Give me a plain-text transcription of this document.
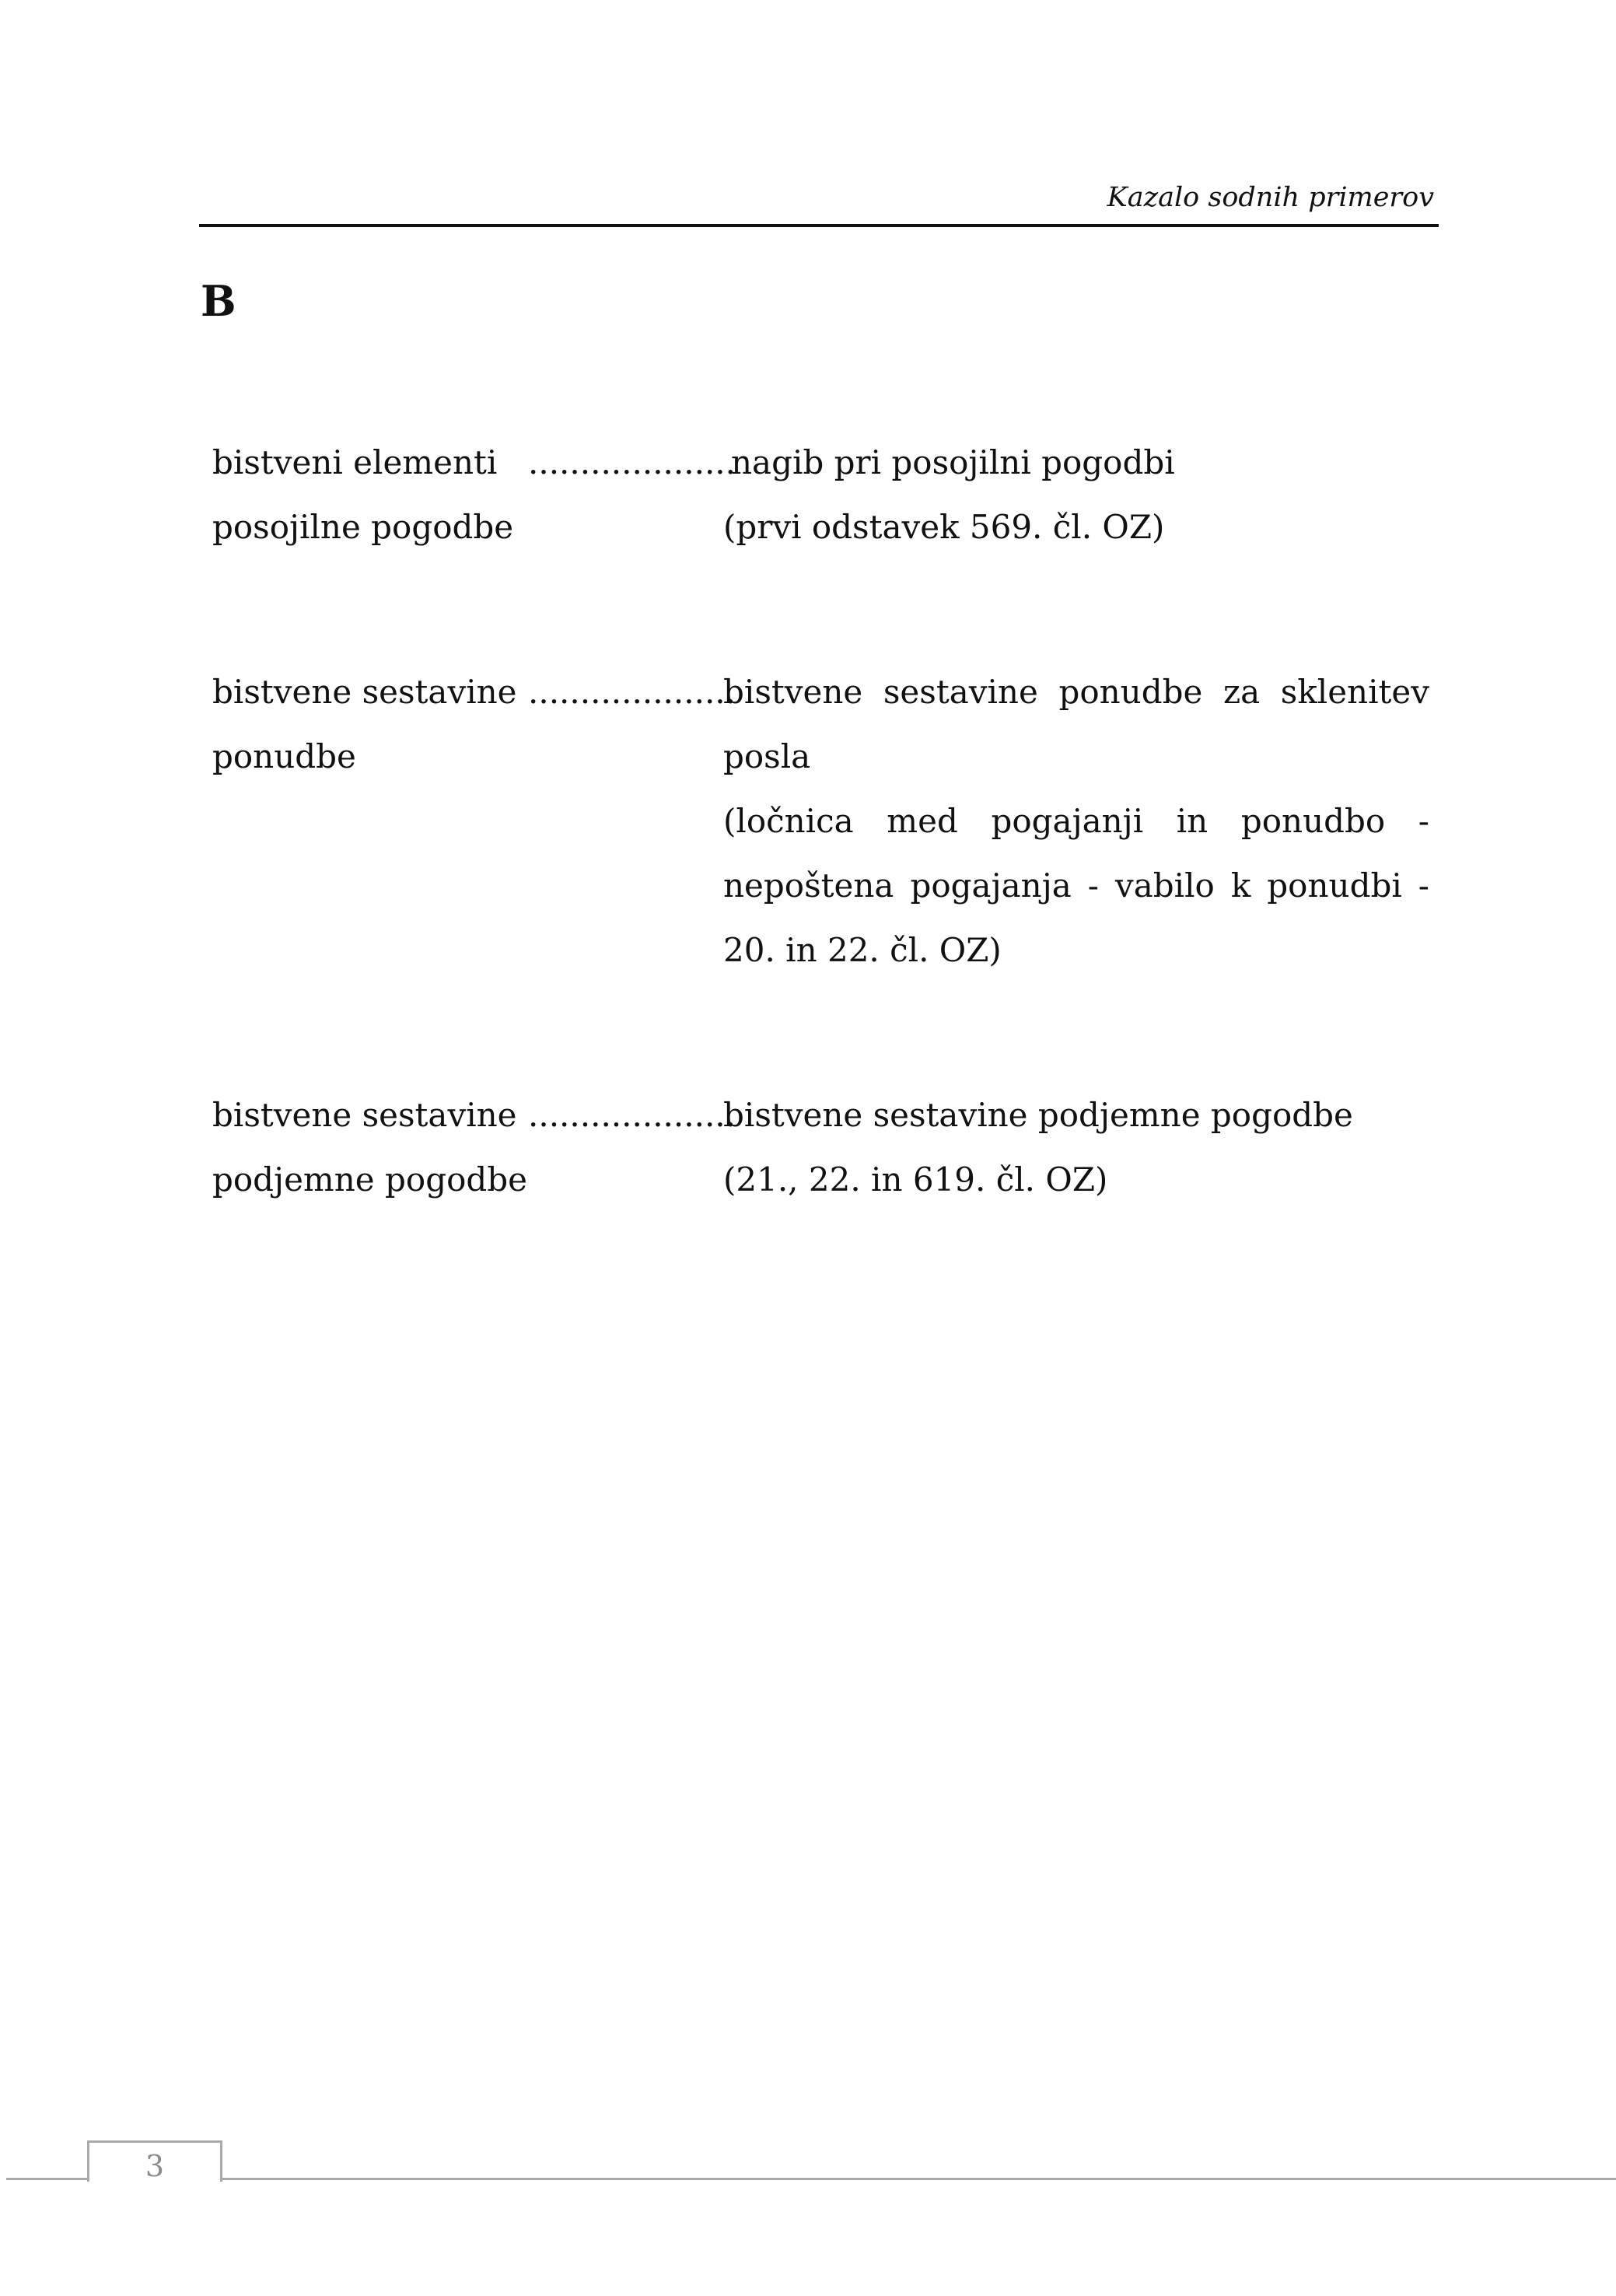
Kazalo sodnih primerov
B
bistveni elementi
posojilne pogodbe
....................
nagib pri posojilni pogodbi
(prvi odstavek 569. čl. OZ)
bistvene sestavine
ponudbe
....................
bistvene sestavine ponudbe za sklenitev
posla
(ločnica med pogajanji in ponudbo -
nepoštena pogajanja - vabilo k ponudbi -
20. in 22. čl. OZ)
bistvene sestavine
podjemne pogodbe
....................
bistvene sestavine podjemne pogodbe
(21., 22. in 619. čl. OZ)
3
